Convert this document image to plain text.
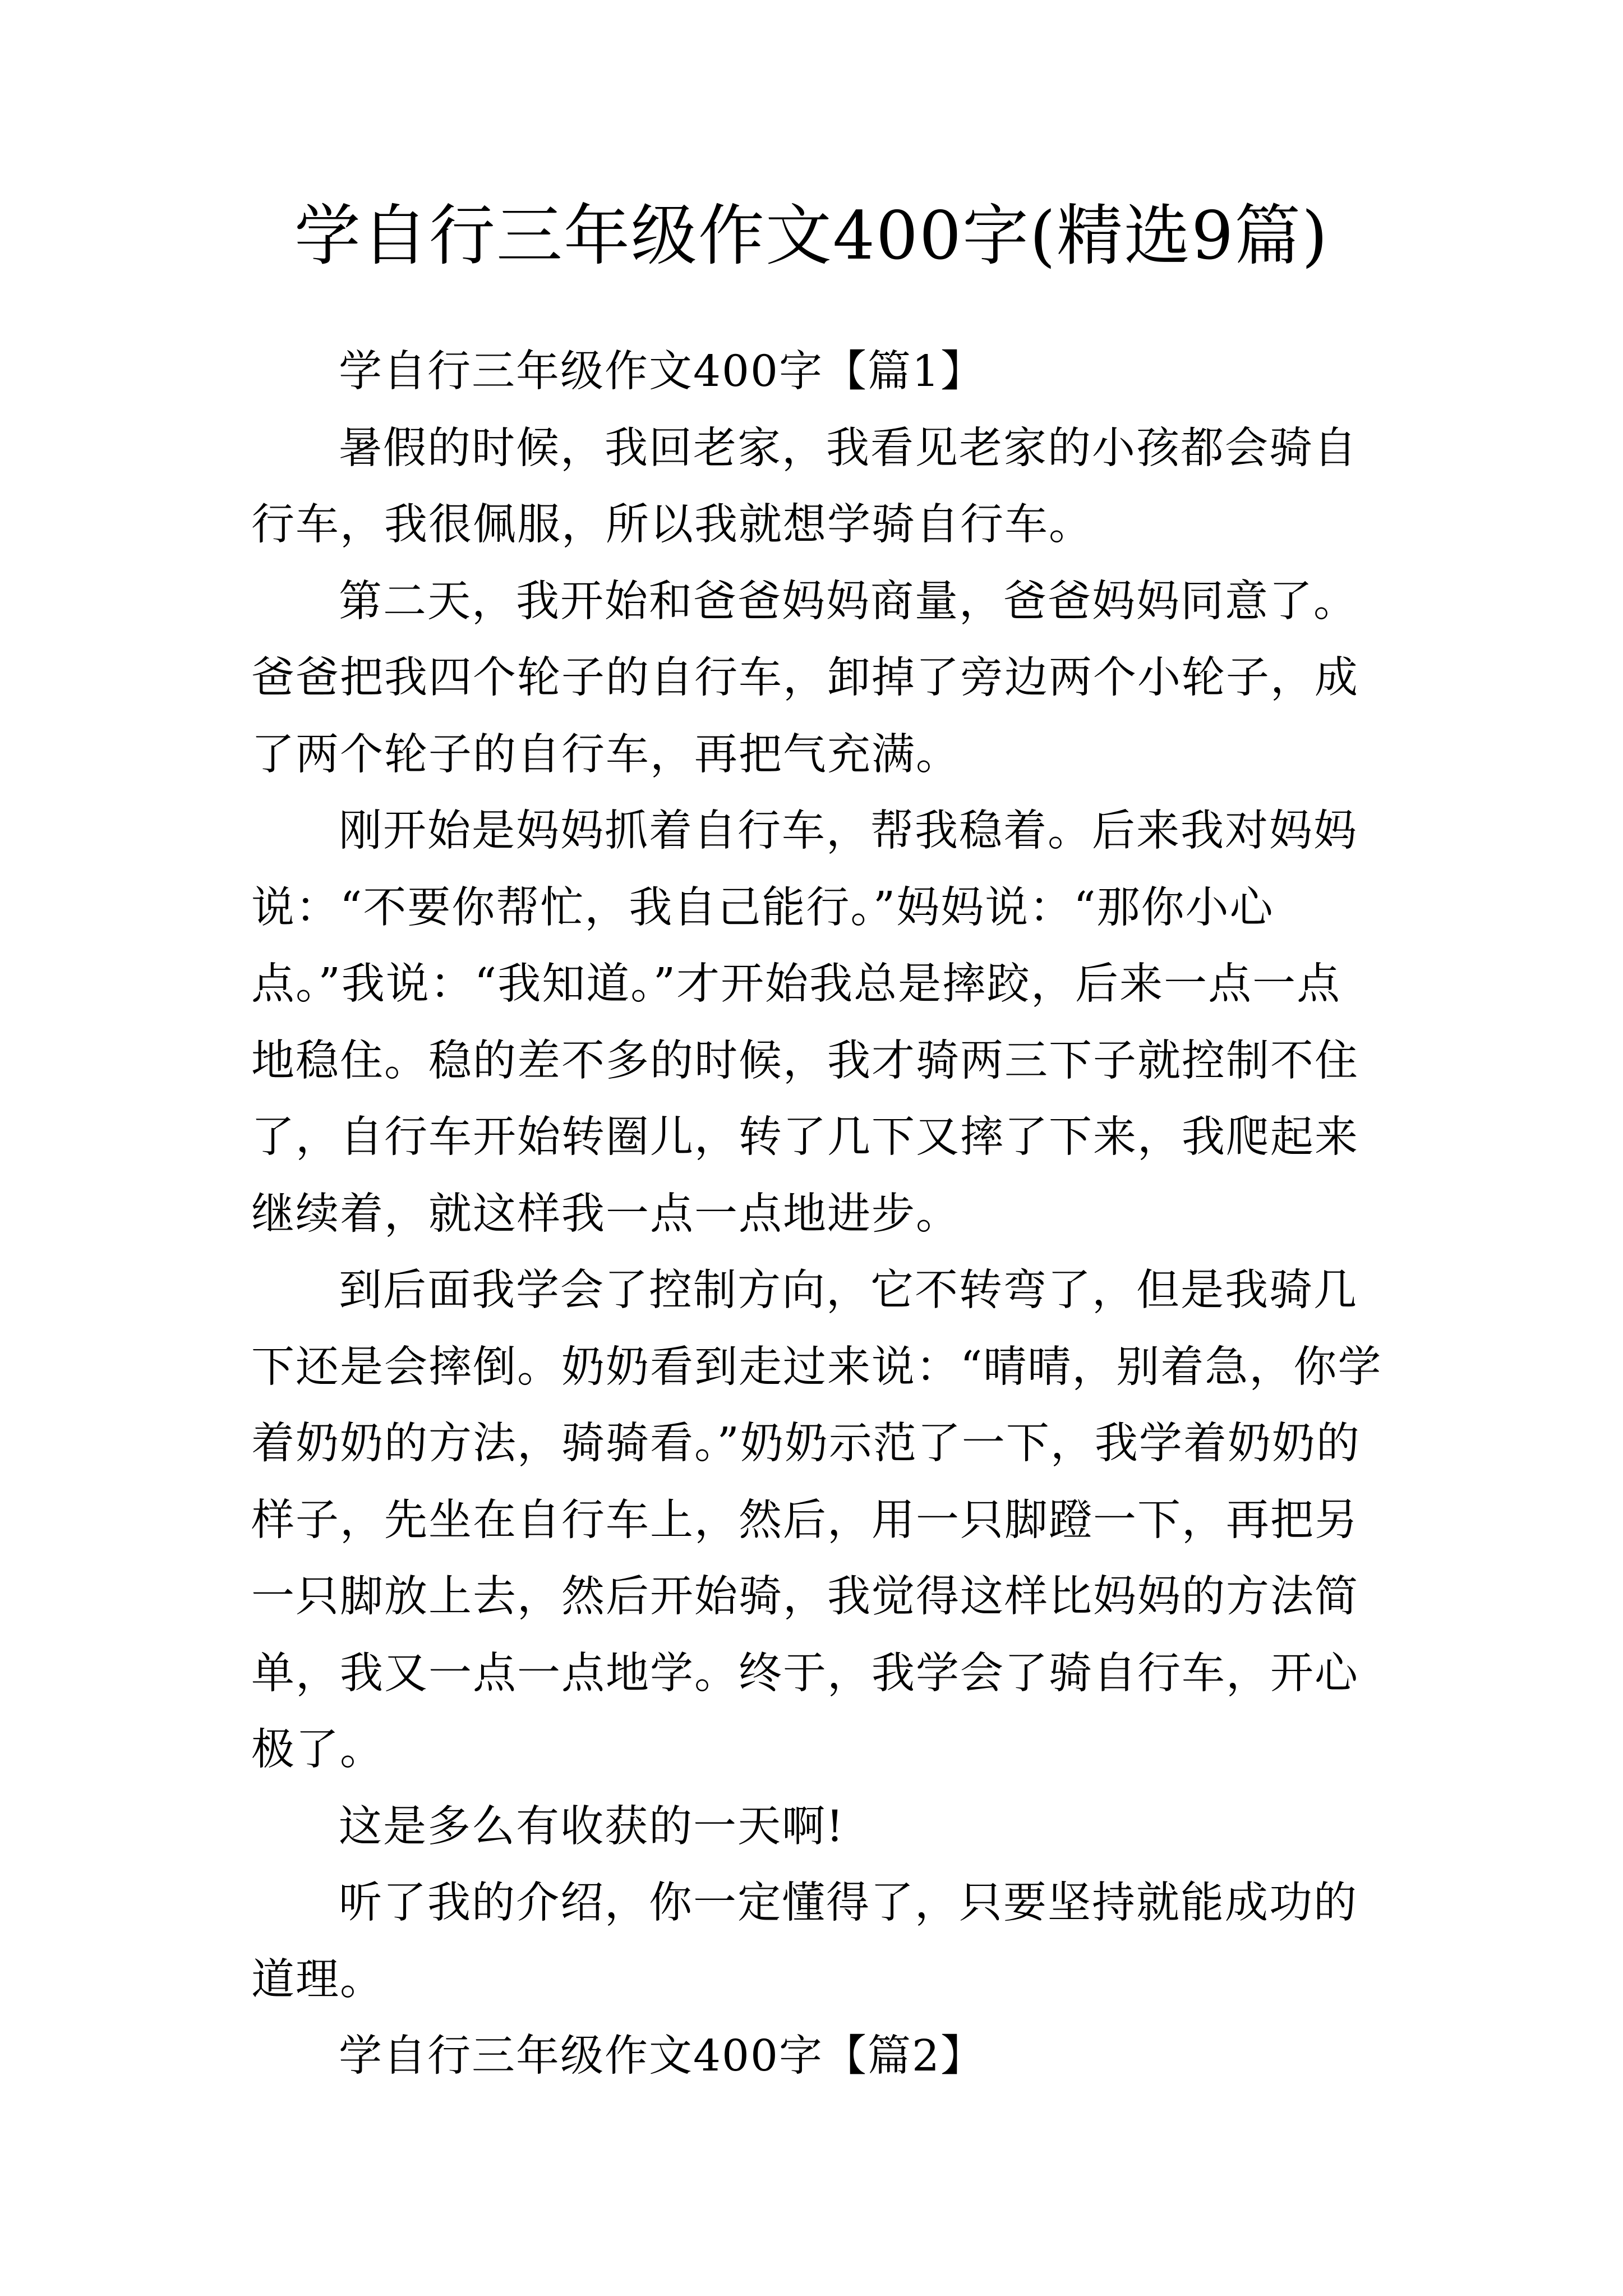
学自行三年级作文400字(精选9篇)

学自行三年级作文400字【篇1】

暑假的时候，我回老家，我看见老家的小孩都会骑自行车，我很佩服，所以我就想学骑自行车。

第二天，我开始和爸爸妈妈商量，爸爸妈妈同意了。爸爸把我四个轮子的自行车，卸掉了旁边两个小轮子，成了两个轮子的自行车，再把气充满。

刚开始是妈妈抓着自行车，帮我稳着。后来我对妈妈说：“不要你帮忙，我自己能行。”妈妈说：“那你小心点。”我说：“我知道。”才开始我总是摔跤，后来一点一点地稳住。稳的差不多的时候，我才骑两三下子就控制不住了，自行车开始转圈儿，转了几下又摔了下来，我爬起来继续着，就这样我一点一点地进步。

到后面我学会了控制方向，它不转弯了，但是我骑几下还是会摔倒。奶奶看到走过来说：“晴晴，别着急，你学着奶奶的方法，骑骑看。”奶奶示范了一下，我学着奶奶的样子，先坐在自行车上，然后，用一只脚蹬一下，再把另一只脚放上去，然后开始骑，我觉得这样比妈妈的方法简单，我又一点一点地学。终于，我学会了骑自行车，开心极了。

这是多么有收获的一天啊!

听了我的介绍，你一定懂得了，只要坚持就能成功的道理。

学自行三年级作文400字【篇2】
